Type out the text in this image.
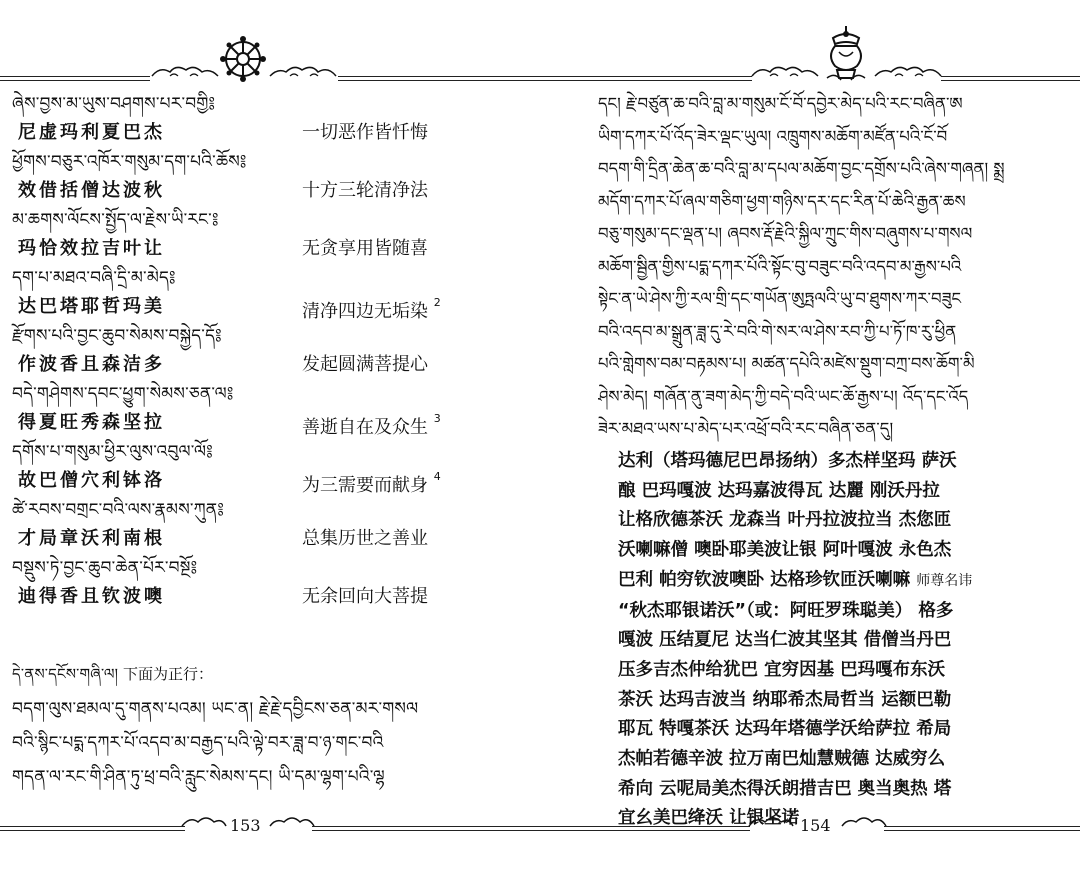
ཞེས་བྱས་མ་ཡུས་བཤགས་པར་བགྱི༔
尼虚玛利夏巴杰	一切恶作皆忏悔
ཕྱོགས་བཅུར་འཁོར་གསུམ་དག་པའི་ཆོས༔
效借括僧达波秋	十方三轮清净法
མ་ཆགས་ལོངས་སྤྱོད་ལ་རྗེས་ཡི་རང་༔
玛恰效拉吉叶让	无贪享用皆随喜
དག་པ་མཐའ་བཞི་དྲི་མ་མེད༔
达巴塔耶哲玛美	清净四边无垢染 $^2$
རྫོགས་པའི་བྱང་ཆུབ་སེམས་བསྐྱེད་དོ༔
作波香且森洁多	发起圆满菩提心
བདེ་གཤེགས་དབང་ཕྱུག་སེམས་ཅན་ལ༔
得夏旺秀森坚拉	善逝自在及众生 $^3$
དགོས་པ་གསུམ་ཕྱིར་ལུས་འབུལ་ལོ༔
故巴僧穴利钵洛	为三需要而献身 $^4$
ཚེ་རབས་བགྲང་བའི་ལས་རྣམས་ཀུན༔
才局章沃利南根	总集历世之善业
བསྡུས་ཏེ་བྱང་ཆུབ་ཆེན་པོར་བསྔོ༔
迪得香且钦波噢	无余回向大菩提
དེ་ནས་དངོས་གཞི་ལ། 下面为正行：
བདག་ལུས་ཐམལ་དུ་གནས་པའམ། ཡང་ན། རྗེ་རྗེ་དབྱིངས་ཅན་མར་གསལ
བའི་སྙིང་པདྨ་དཀར་པོ་འདབ་མ་བརྒྱད་པའི་ལྟེ་བར་ཟླ་བ་ཉ་གང་བའི
གདན་ལ་རང་གི་ཤིན་ཏུ་ཕྲ་བའི་རླུང་སེམས་དང། ཡི་དམ་ལྷག་པའི་ལྷ
153
དང། རྗེ་བཙུན་ཆ་བའི་བླ་མ་གསུམ་ངོ་བོ་དབྱེར་མེད་པའི་རང་བཞིན་ཨ
ཡིག་དཀར་པོ་འོད་ཟེར་ལྡང་ཡུལ། འཁྲུགས་མཆོག་མཛོན་པའི་ངོ་བོ
བདག་གི་དྲིན་ཆེན་ཆ་བའི་བླ་མ་དཔལ་མཆོག་བྱང་དགྲོས་པའི་ཞེས་གཞན། སྨྲ
མདོག་དཀར་པོ་ཞལ་གཅིག་ཕྱག་གཉིས་དར་དང་རིན་པོ་ཆེའི་རྒྱན་ཆས
བཅུ་གསུམ་དང་ལྡན་པ། ཞབས་རྡོ་རྗེའི་སྐྱིལ་ཀྲུང་གིས་བཞུགས་པ་གསལ
མཆོག་སྦྱིན་གྱིས་པདྨ་དཀར་པོའི་སྟོང་བུ་བཟུང་བའི་འདབ་མ་རྒྱས་པའི
སྟེང་ན་ཡེ་ཤེས་ཀྱི་རལ་གྲི་དང་གཡོན་ཨུཏྤལའི་ཡུ་བ་ཐུགས་ཀར་བཟུང
བའི་འདབ་མ་སྒྲུན་ཟླ་དུ་རེ་བའི་གེ་སར་ལ་ཤེས་རབ་ཀྱི་པ་ཏོ་ཁ་རུ་ཕྱིན
པའི་གླེགས་བམ་བརྟམས་པ། མཚན་དཔེའི་མཛེས་སྡུག་བཀྲ་བས་ཆོག་མི
ཤེས་མེད། གཞོན་ནུ་ཟག་མེད་ཀྱི་བདེ་བའི་ཡང་ཆོ་རྒྱས་པ། འོད་དང་འོད
ཟེར་མཐའ་ཡས་པ་མེད་པར་འཕྲོ་བའི་རང་བཞིན་ཅན་དུ།
达利（塔玛德尼巴昂扬纳）多杰样坚玛 萨沃
酿 巴玛嘎波 达玛嘉波得瓦 达麗 刚沃丹拉
让格欣德茶沃 龙森当 叶丹拉波拉当 杰您匝
沃喇嘛僧 噢卧耶美波让银 阿叶嘎波 永色杰
巴利 帕穷钦波噢卧 达格珍钦匝沃喇嘛 师尊名讳
“秋杰耶银诺沃”（或：阿旺罗珠聪美） 格多
嘎波 压结夏尼 达当仁波其坚其 借僧当丹巴
压多吉杰仲给犹巴 宜穷因基 巴玛嘎布东沃
茶沃 达玛吉波当 纳耶希杰局哲当 运额巴勒
耶瓦 特嘎茶沃 达玛年塔德学沃给萨拉 希局
杰帕若德辛波 拉万南巴灿慧贼德 达威穷么
希向 云呢局美杰得沃朗措吉巴 奥当奥热 塔
宜幺美巴绛沃 让银坚诺 154
